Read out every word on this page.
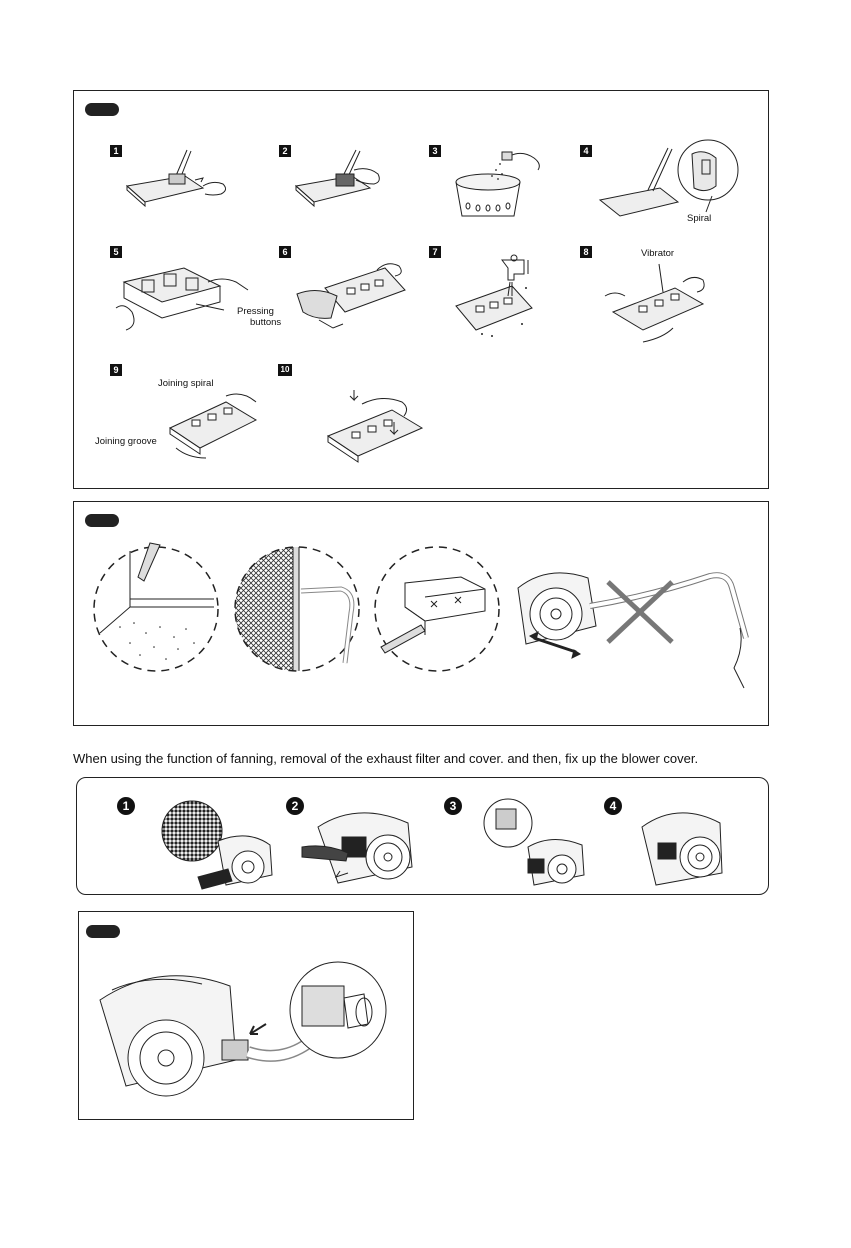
1	2	3	4
5	6	7	8
9	10
Spiral
Pressing
buttons
Vibrator
Joining spiral
Joining groove
When using the function of fanning, removal of the exhaust filter and cover. and then, fix up the blower cover.
1	2	3	4
